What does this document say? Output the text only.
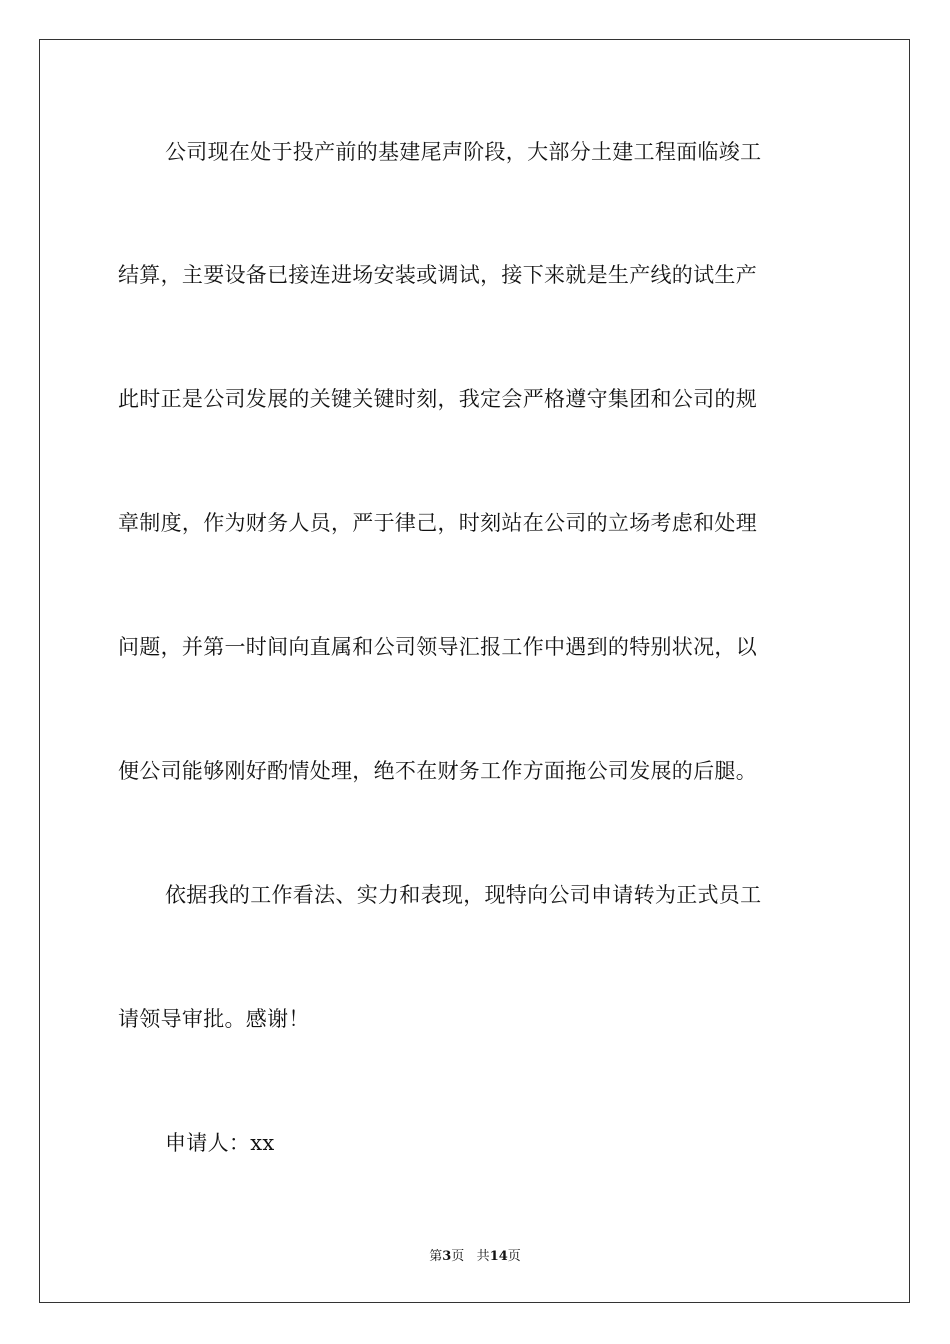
公司现在处于投产前的基建尾声阶段，大部分土建工程面临竣工
结算，主要设备已接连进场安装或调试，接下来就是生产线的试生产
此时正是公司发展的关键关键时刻，我定会严格遵守集团和公司的规
章制度，作为财务人员，严于律己，时刻站在公司的立场考虑和处理
问题，并第一时间向直属和公司领导汇报工作中遇到的特别状况，以
便公司能够刚好酌情处理，绝不在财务工作方面拖公司发展的后腿。
依据我的工作看法、实力和表现，现特向公司申请转为正式员工
请领导审批。感谢！
申请人：xx
第3页 共14页
